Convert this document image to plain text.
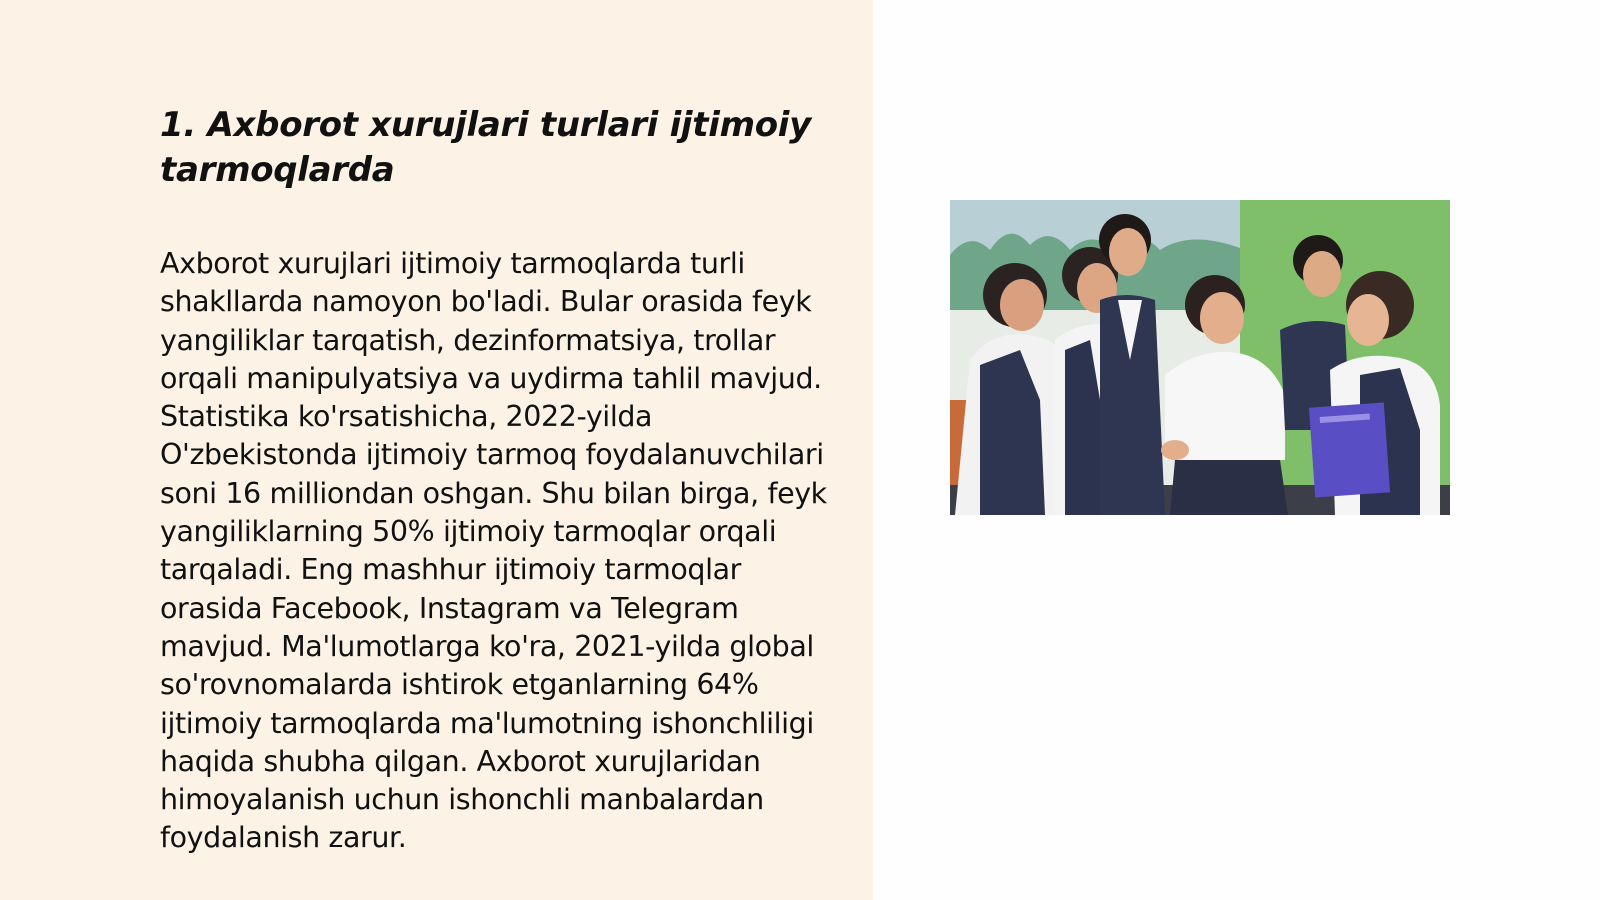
1. Axborot xurujlari turlari ijtimoiy tarmoqlarda

Axborot xurujlari ijtimoiy tarmoqlarda turli shakllarda namoyon bo'ladi. Bular orasida feyk yangiliklar tarqatish, dezinformatsiya, trollar orqali manipulyatsiya va uydirma tahlil mavjud. Statistika ko'rsatishicha, 2022-yilda O'zbekistonda ijtimoiy tarmoq foydalanuvchilari soni 16 milliondan oshgan. Shu bilan birga, feyk yangiliklarning 50% ijtimoiy tarmoqlar orqali tarqaladi. Eng mashhur ijtimoiy tarmoqlar orasida Facebook, Instagram va Telegram mavjud. Ma'lumotlarga ko'ra, 2021-yilda global so'rovnomalarda ishtirok etganlarning 64% ijtimoiy tarmoqlarda ma'lumotning ishonchliligi haqida shubha qilgan. Axborot xurujlaridan himoyalanish uchun ishonchli manbalardan foydalanish zarur.
